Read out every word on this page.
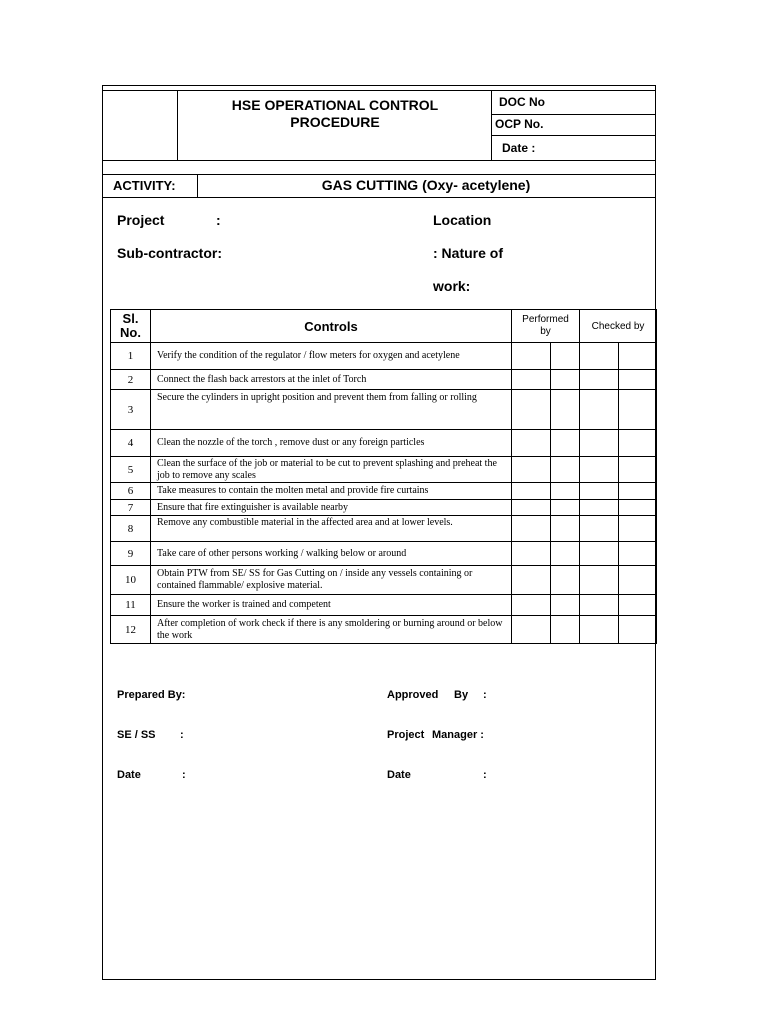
HSE OPERATIONAL CONTROL PROCEDURE
DOC No
OCP No.
Date :
ACTIVITY:	GAS CUTTING (Oxy- acetylene)
Project	:	Location
Sub-contractor:	: Nature of
work:
Sl. No.	Controls	Performed by		Checked by	
1	Verify the condition of the regulator / flow meters for oxygen and acetylene				
2	Connect the flash back arrestors at the inlet of Torch				
3	Secure the cylinders in upright position and prevent them from falling or rolling				
4	Clean the nozzle of the torch , remove dust or any foreign particles				
5	Clean the surface of the job or material to be cut to prevent splashing and preheat the job to remove any scales				
6	Take measures to contain the molten metal and provide fire curtains				
7	Ensure that fire extinguisher is available nearby				
8	Remove any combustible material in the affected area and at lower levels.				
9	Take care of other persons working / walking below or around				
10	Obtain PTW from SE/ SS for Gas Cutting on / inside any vessels containing or contained flammable/ explosive material.				
11	Ensure the worker is trained and competent				
12	After completion of work check if there is any smoldering or burning around or below the work				
Prepared By:	Approved By :
SE / SS :	Project Manager :
Date	:	Date	:
